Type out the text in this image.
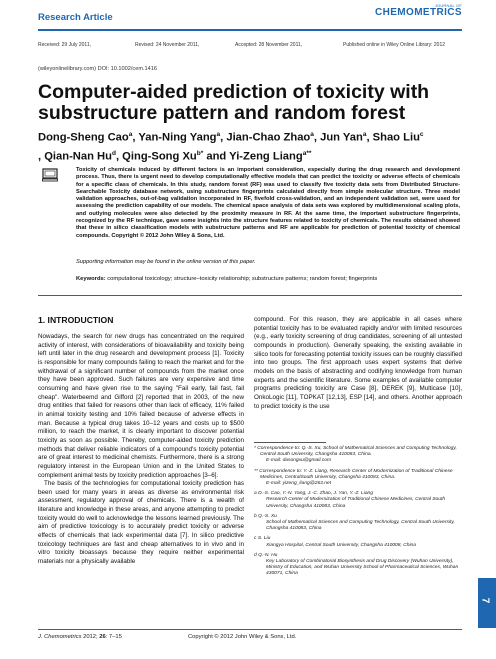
Research Article
JOURNAL OF
CHEMOMETRICS
Received: 29 July 2011,	Revised: 24 November 2011,	Accepted: 28 November 2011,	Published online in Wiley Online Library: 2012
(wileyonlinelibrary.com) DOI: 10.1002/cem.1416
Computer-aided prediction of toxicity with substructure pattern and random forest
Dong-Sheng Cao$^a$, Yan-Ning Yang$^a$, Jian-Chao Zhao$^a$, Jun Yan$^a$, Shao Liu$^c$
, Qian-Nan Hu$^d$, Qing-Song $Xu^{b*}$ and Yi-Zeng Liang$^{a**}$
Toxicity of chemicals induced by different factors is an important consideration, especially during the drug research and development process. Thus, there is urgent need to develop computationally effective models that can predict the toxicity or adverse effects of chemicals for a specific class of chemicals. In this study, random forest (RF) was used to classify five toxicity data sets from Distributed Structure-Searchable Toxicity database network, using substructure fingerprints calculated directly from simple molecular structure. Three model validation approaches, out-of-bag validation incorporated in RF, fivefold cross-validation, and an independent validation set, were used for assessing the prediction capability of our models. The chemical space analysis of data sets was explored by multidimensional scaling plots, and outlying molecules were also detected by the proximity measure in RF. At the same time, the important substructure fingerprints, recognized by the RF technique, gave some insights into the structure features related to toxicity of chemicals. The results obtained showed that these in silico classification models with substructure patterns and RF are applicable for prediction of potential toxicity of chemical compounds. Copyright © 2012 John Wiley & Sons, Ltd.
Supporting information may be found in the online version of this paper.
Keywords: computational toxicology; structure–toxicity relationship; substructure patterns; random forest; fingerprints
1. INTRODUCTION

Nowadays, the search for new drugs has concentrated on the required activity of interest, with considerations of bioavailability and toxicity being left until later in the drug research and development process [1]. Toxicity is responsible for many compounds failing to reach the market and for the withdrawal of a significant number of compounds from the market once they have been approved. Such failures are very expensive and time consuming and have given rise to the saying "Fail early, fail fast, fail cheap". Waterbeemd and Gifford [2] reported that in 2003, of the new drug entities that failed for reasons other than lack of efficacy, 11% failed in animal toxicity testing and 10% failed because of adverse effects in man. Because a typical drug takes 10–12 years and costs up to $500 million, to reach the market, it is clearly important to discover potential toxicity as soon as possible. Thereby, computer-aided toxicity prediction methods that deliver reliable indicators of a compound's toxicity potential are of great interest to medicinal chemists. Furthermore, there is a strong regulatory interest in the European Union and in the United States to complement animal tests by toxicity prediction approaches [3–6].

The basis of the technologies for computational toxicity prediction has been used for many years in areas as diverse as environmental risk assessment, regulatory approval of chemicals. There is a wealth of literature and knowledge in these areas, and anyone attempting to predict toxicity would do well to acknowledge the lessons learned previously. The aim of predictive toxicology is to accurately predict toxicity or adverse effects of chemicals that lack experimental data [7]. In silico predictive toxicology techniques are fast and cheap alternatives to in vivo and in vitro toxicity bioassays because they require neither experimental materials nor a physically available

compound. For this reason, they are applicable in all cases where potential toxicity has to be evaluated rapidly and/or with limited resources (e.g., early toxicity screening of drug candidates, screening of all untested compounds in production). Generally speaking, the existing available in silico tools for forecasting potential toxicity issues can be roughly classified into two groups. The first approach uses expert systems that derive models on the basis of abstracting and codifying knowledge from human experts and the scientific literature. Some examples of available computer programs predicting toxicity are Case [8], DEREK [9], Multicase [10], OnkoLogic [11], TOPKAT [12,13], ESP [14], and others. Another approach to predict toxicity is the use

* Correspondence to: Q.-S. Xu, School of Mathematical Sciences and Computing Technology, Central South University, Changsha 410083, China.
E-mail: dasongxu@gmail.com
** Correspondence to: Y.-Z. Liang, Research Center of Modernization of Traditional Chinese Medicines, CentralSouth University, Changsha 410083, China.
E-mail: yizeng_liang@263.net
a D.-S. Cao, Y.-N. Yang, J.-C. Zhao, J. Yan, Y.-Z. Liang
Research Center of Modernization of Traditional Chinese Medicines, Central South University, Changsha 410083, China
b Q.-S. Xu
School of Mathematical Sciences and Computing Technology, Central South University, Changsha 410083, China
c S. Liu
Xiangya Hospital, Central South University, Changsha 410008, China
d Q.-N. Hu
Key Laboratory of Combinatorial Biosynthesis and Drug Discovery (Wuhan University), Ministry of Education, and Wuhan University School of Pharmaceutical Sciences, Wuhan 430071, China
7
J. Chemometrics 2012; 26: 7–15	Copyright © 2012 John Wiley & Sons, Ltd.
